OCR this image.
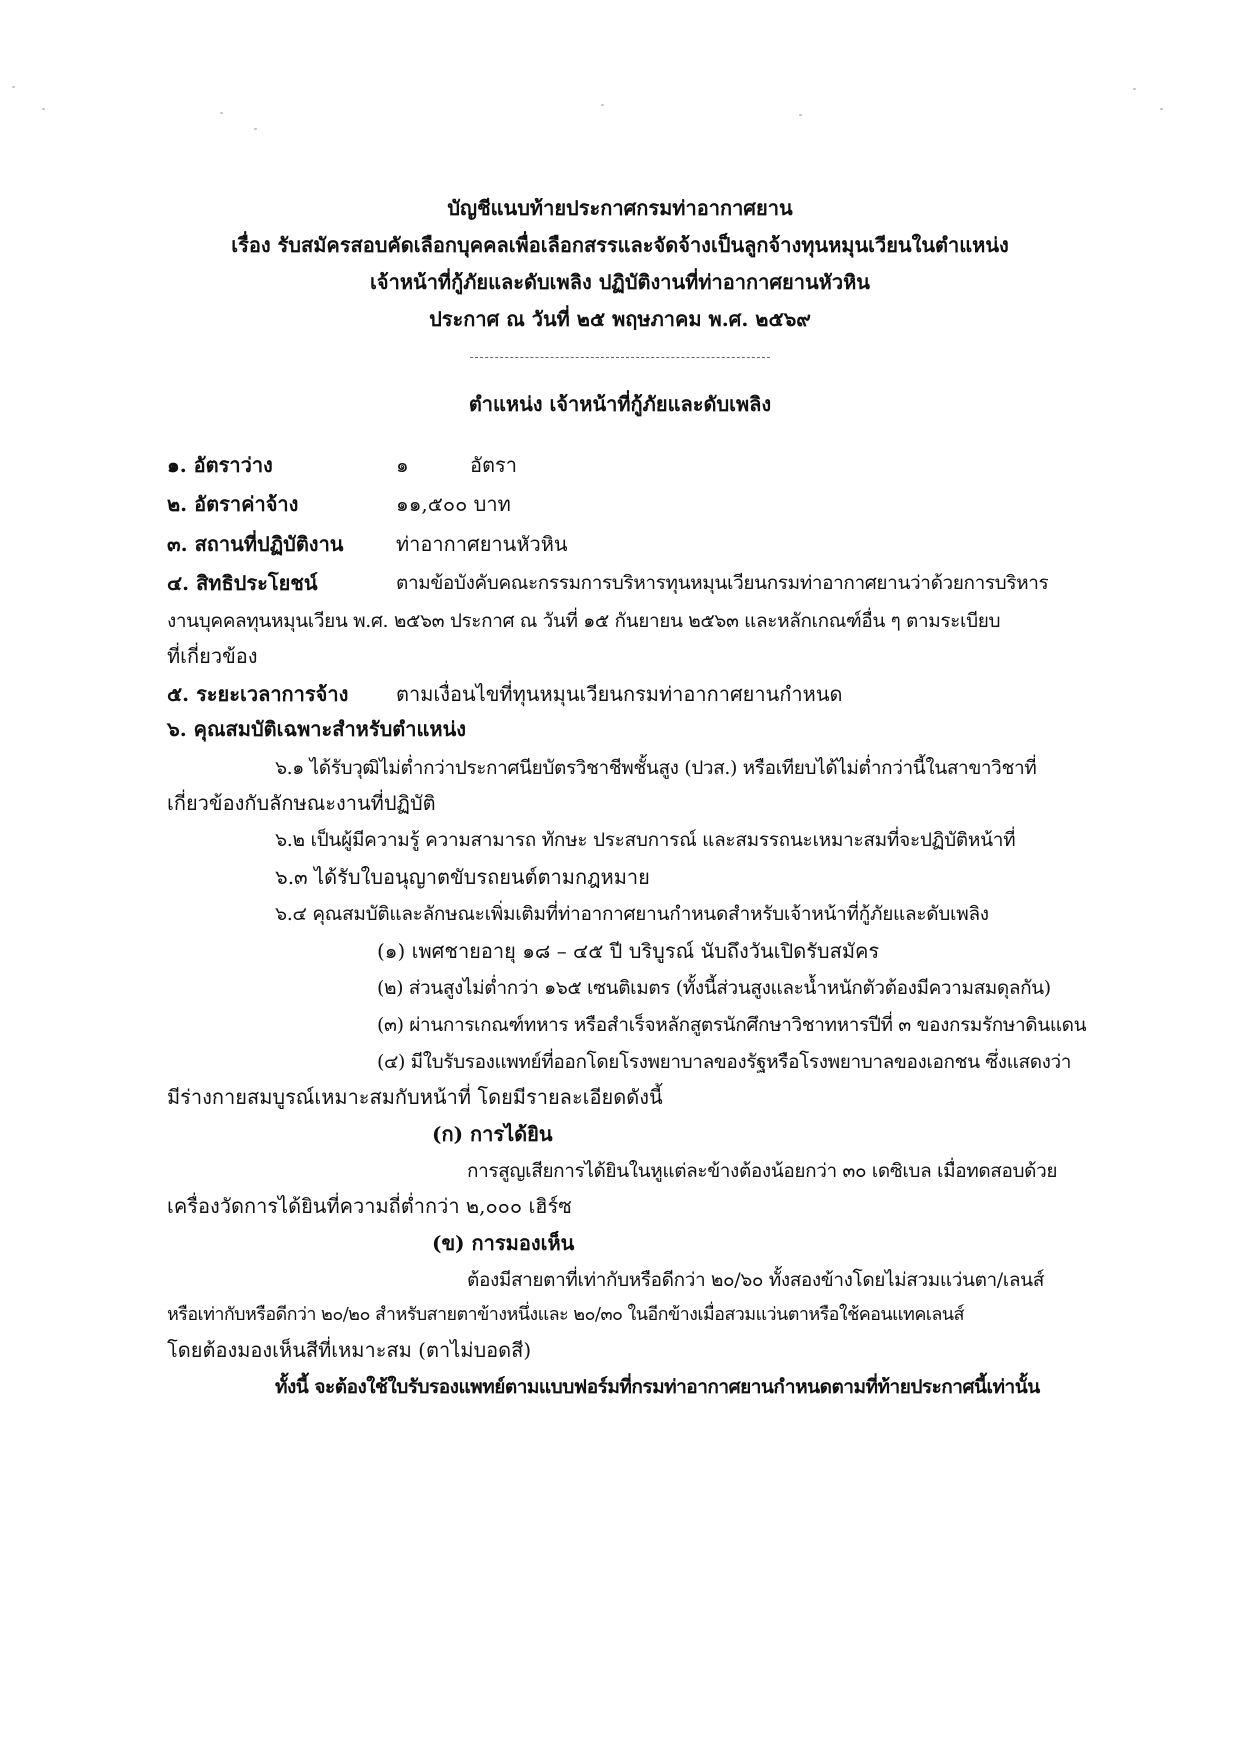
บัญชีแนบท้ายประกาศกรมท่าอากาศยาน
เรื่อง รับสมัครสอบคัดเลือกบุคคลเพื่อเลือกสรรและจัดจ้างเป็นลูกจ้างทุนหมุนเวียนในตำแหน่ง
เจ้าหน้าที่กู้ภัยและดับเพลิง ปฏิบัติงานที่ท่าอากาศยานหัวหิน
ประกาศ ณ วันที่ ๒๕ พฤษภาคม พ.ศ. ๒๕๖๙
ตำแหน่ง เจ้าหน้าที่กู้ภัยและดับเพลิง
๑. อัตราว่าง	๑	อัตรา
๒. อัตราค่าจ้าง	๑๑,๕๐๐ บาท
๓. สถานที่ปฏิบัติงาน	ท่าอากาศยานหัวหิน
๔. สิทธิประโยชน์	ตามข้อบังคับคณะกรรมการบริหารทุนหมุนเวียนกรมท่าอากาศยานว่าด้วยการบริหาร
งานบุคคลทุนหมุนเวียน พ.ศ. ๒๕๖๓ ประกาศ ณ วันที่ ๑๕ กันยายน ๒๕๖๓ และหลักเกณฑ์อื่น ๆ ตามระเบียบ
ที่เกี่ยวข้อง
๕. ระยะเวลาการจ้าง ตามเงื่อนไขที่ทุนหมุนเวียนกรมท่าอากาศยานกำหนด
๖. คุณสมบัติเฉพาะสำหรับตำแหน่ง
๖.๑ ได้รับวุฒิไม่ต่ำกว่าประกาศนียบัตรวิชาชีพชั้นสูง (ปวส.) หรือเทียบได้ไม่ต่ำกว่านี้ในสาขาวิชาที่
เกี่ยวข้องกับลักษณะงานที่ปฏิบัติ
๖.๒ เป็นผู้มีความรู้ ความสามารถ ทักษะ ประสบการณ์ และสมรรถนะเหมาะสมที่จะปฏิบัติหน้าที่
๖.๓ ได้รับใบอนุญาตขับรถยนต์ตามกฎหมาย
๖.๔ คุณสมบัติและลักษณะเพิ่มเติมที่ท่าอากาศยานกำหนดสำหรับเจ้าหน้าที่กู้ภัยและดับเพลิง
(๑) เพศชายอายุ ๑๘ – ๔๕ ปี บริบูรณ์ นับถึงวันเปิดรับสมัคร
(๒) ส่วนสูงไม่ต่ำกว่า ๑๖๕ เซนติเมตร (ทั้งนี้ส่วนสูงและน้ำหนักตัวต้องมีความสมดุลกัน)
(๓) ผ่านการเกณฑ์ทหาร หรือสำเร็จหลักสูตรนักศึกษาวิชาทหารปีที่ ๓ ของกรมรักษาดินแดน
(๔) มีใบรับรองแพทย์ที่ออกโดยโรงพยาบาลของรัฐหรือโรงพยาบาลของเอกชน ซึ่งแสดงว่า
มีร่างกายสมบูรณ์เหมาะสมกับหน้าที่ โดยมีรายละเอียดดังนี้
(ก) การได้ยิน
การสูญเสียการได้ยินในหูแต่ละข้างต้องน้อยกว่า ๓๐ เดซิเบล เมื่อทดสอบด้วย
เครื่องวัดการได้ยินที่ความถี่ต่ำกว่า ๒,๐๐๐ เฮิร์ซ
(ข) การมองเห็น
ต้องมีสายตาที่เท่ากับหรือดีกว่า ๒๐/๖๐ ทั้งสองข้างโดยไม่สวมแว่นตา/เลนส์
หรือเท่ากับหรือดีกว่า ๒๐/๒๐ สำหรับสายตาข้างหนึ่งและ ๒๐/๓๐ ในอีกข้างเมื่อสวมแว่นตาหรือใช้คอนแทคเลนส์
โดยต้องมองเห็นสีที่เหมาะสม (ตาไม่บอดสี)
ทั้งนี้ จะต้องใช้ใบรับรองแพทย์ตามแบบฟอร์มที่กรมท่าอากาศยานกำหนดตามที่ท้ายประกาศนี้เท่านั้น
